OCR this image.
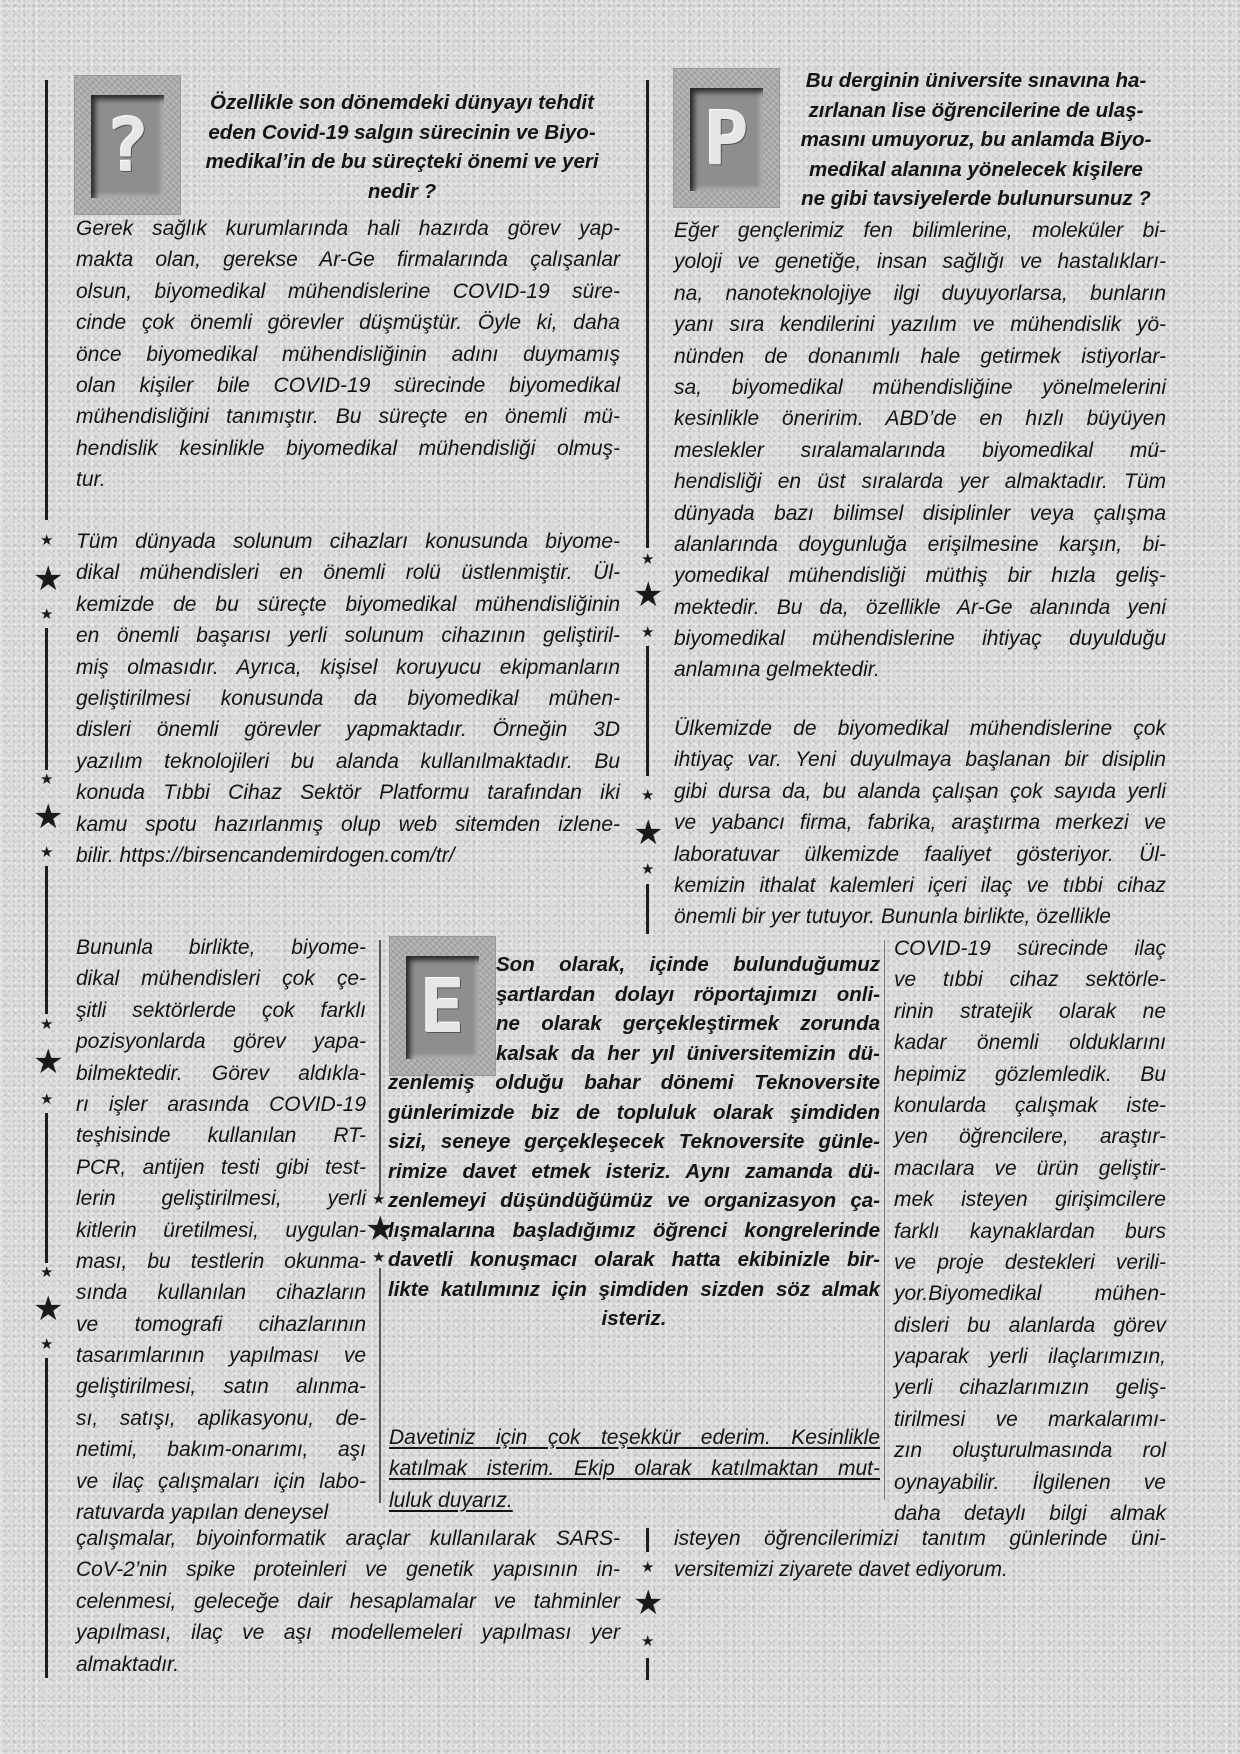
★
★
★
★
★
★
★
★
★
★
★
★
★
★
★
★
★
★
★
★
★
★
★
★
?	P
E
Özellikle son dönemdeki dünyayı tehdit
eden Covid-19 salgın sürecinin ve Biyo-
medikal’in de bu süreçteki önemi ve yeri
nedir ?
Gerek sağlık kurumlarında hali hazırda görev yap-
makta olan, gerekse Ar-Ge firmalarında çalışanlar
olsun, biyomedikal mühendislerine COVID-19 süre-
cinde çok önemli görevler düşmüştür. Öyle ki, daha
önce biyomedikal mühendisliğinin adını duymamış
olan kişiler bile COVID-19 sürecinde biyomedikal
mühendisliğini tanımıştır. Bu süreçte en önemli mü-
hendislik kesinlikle biyomedikal mühendisliği olmuş-
tur.
Tüm dünyada solunum cihazları konusunda biyome-
dikal mühendisleri en önemli rolü üstlenmiştir. Ül-
kemizde de bu süreçte biyomedikal mühendisliğinin
en önemli başarısı yerli solunum cihazının geliştiril-
miş olmasıdır. Ayrıca, kişisel koruyucu ekipmanların
geliştirilmesi konusunda da biyomedikal mühen-
disleri önemli görevler yapmaktadır. Örneğin 3D
yazılım teknolojileri bu alanda kullanılmaktadır. Bu
konuda Tıbbi Cihaz Sektör Platformu tarafından iki
kamu spotu hazırlanmış olup web sitemden izlene-
bilir. https://birsencandemirdogen.com/tr/
Bu derginin üniversite sınavına ha-
zırlanan lise öğrencilerine de ulaş-
masını umuyoruz, bu anlamda Biyo-
medikal alanına yönelecek kişilere
ne gibi tavsiyelerde bulunursunuz ?
Eğer gençlerimiz fen bilimlerine, moleküler bi-
yoloji ve genetiğe, insan sağlığı ve hastalıkları-
na, nanoteknolojiye ilgi duyuyorlarsa, bunların
yanı sıra kendilerini yazılım ve mühendislik yö-
nünden de donanımlı hale getirmek istiyorlar-
sa, biyomedikal mühendisliğine yönelmelerini
kesinlikle öneririm. ABD’de en hızlı büyüyen
meslekler sıralamalarında biyomedikal mü-
hendisliği en üst sıralarda yer almaktadır. Tüm
dünyada bazı bilimsel disiplinler veya çalışma
alanlarında doygunluğa erişilmesine karşın, bi-
yomedikal mühendisliği müthiş bir hızla geliş-
mektedir. Bu da, özellikle Ar-Ge alanında yeni
biyomedikal mühendislerine ihtiyaç duyulduğu
anlamına gelmektedir.
Ülkemizde de biyomedikal mühendislerine çok
ihtiyaç var. Yeni duyulmaya başlanan bir disiplin
gibi dursa da, bu alanda çalışan çok sayıda yerli
ve yabancı firma, fabrika, araştırma merkezi ve
laboratuvar ülkemizde faaliyet gösteriyor. Ül-
kemizin ithalat kalemleri içeri ilaç ve tıbbi cihaz
önemli bir yer tutuyor. Bununla birlikte, özellikle
COVID-19 sürecinde ilaç
ve tıbbi cihaz sektörle-
rinin stratejik olarak ne
kadar önemli olduklarını
hepimiz gözlemledik. Bu
konularda çalışmak iste-
yen öğrencilere, araştır-
macılara ve ürün geliştir-
mek isteyen girişimcilere
farklı kaynaklardan burs
ve proje destekleri verili-
yor.Biyomedikal mühen-
disleri bu alanlarda görev
yaparak yerli ilaçlarımızın,
yerli cihazlarımızın geliş-
tirilmesi ve markalarımı-
zın oluşturulmasında rol
oynayabilir. İlgilenen ve
daha detaylı bilgi almak
isteyen öğrencilerimizi tanıtım günlerinde üni-
versitemizi ziyarete davet ediyorum.
Bununla birlikte, biyome-
dikal mühendisleri çok çe-
şitli sektörlerde çok farklı
pozisyonlarda görev yapa-
bilmektedir. Görev aldıkla-
rı işler arasında COVID-19
teşhisinde kullanılan RT-
PCR, antijen testi gibi test-
lerin geliştirilmesi, yerli
kitlerin üretilmesi, uygulan-
ması, bu testlerin okunma-
sında kullanılan cihazların
ve tomografi cihazlarının
tasarımlarının yapılması ve
geliştirilmesi, satın alınma-
sı, satışı, aplikasyonu, de-
netimi, bakım-onarımı, aşı
ve ilaç çalışmaları için labo-
ratuvarda yapılan deneysel
çalışmalar, biyoinformatik araçlar kullanılarak SARS-
CoV-2’nin spike proteinleri ve genetik yapısının in-
celenmesi, geleceğe dair hesaplamalar ve tahminler
yapılması, ilaç ve aşı modellemeleri yapılması yer
almaktadır.
Son olarak, içinde bulunduğumuz
şartlardan dolayı röportajımızı onli-
ne olarak gerçekleştirmek zorunda
kalsak da her yıl üniversitemizin dü-
zenlemiş olduğu bahar dönemi Teknoversite
günlerimizde biz de topluluk olarak şimdiden
sizi, seneye gerçekleşecek Teknoversite günle-
rimize davet etmek isteriz. Aynı zamanda dü-
zenlemeyi düşündüğümüz ve organizasyon ça-
lışmalarına başladığımız öğrenci kongrelerinde
davetli konuşmacı olarak hatta ekibinizle bir-
likte katılımınız için şimdiden sizden söz almak
isteriz.
Davetiniz için çok teşekkür ederim. Kesinlikle
katılmak isterim. Ekip olarak katılmaktan mut-
luluk duyarız.
